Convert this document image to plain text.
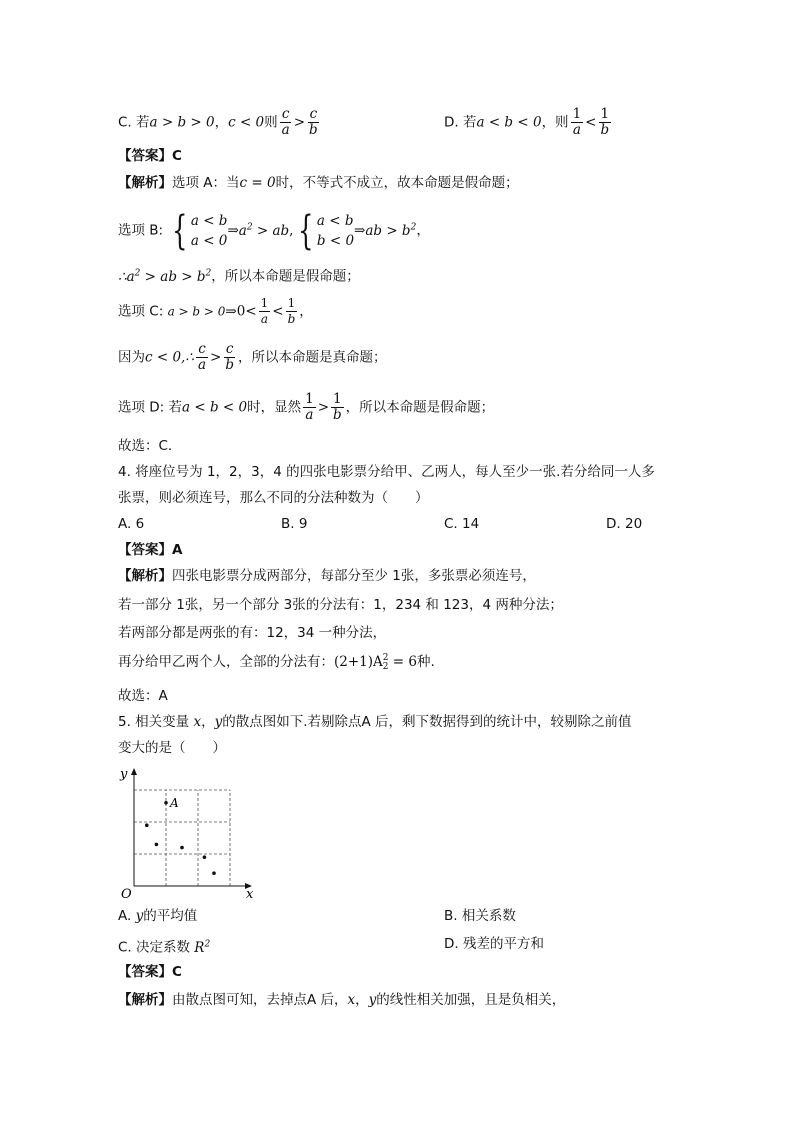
C. 若a > b > 0，c < 0则 $\frac{c}{a} > \frac{c}{b}$	D. 若a < b < 0，则 $\frac{1}{a} < \frac{1}{b}$
【答案】C
【解析】选项 A：当c = 0时，不等式不成立，故本命题是假命题；
选项 B: { a < b
a < 0
$\Rightarrow a^2$ > ab, { a < b
b < 0
⇒ab > $b^2$，
$\therefore a^2$ > ab > $b^2$，所以本命题是假命题；
选项 C: a > b > 0⇒0< $\frac{1}{a} < \frac{1}{b}$ ，
因为c < 0,∴ $\frac{c}{a} > \frac{c}{b}$ ，所以本命题是真命题；
选项 D: 若a < b < 0时，显然 $\frac{1}{a} > \frac{1}{b}$ ，所以本命题是假命题；
故选：C．
4. 将座位号为 1，2，3，4 的四张电影票分给甲、乙两人，每人至少一张.若分给同一人多
张票，则必须连号，那么不同的分法种数为（　　）
A. 6	B. 9	C. 14	D. 20
【答案】A
【解析】四张电影票分成两部分，每部分至少 1张，多张票必须连号，
若一部分 1张，另一个部分 3张的分法有：1，234 和 123，4 两种分法；
若两部分都是两张的有：12，34 一种分法，
再分给甲乙两个人，全部的分法有：(2+1)A 2
2 = 6种.
故选：A
5. 相关变量 x，y的散点图如下.若剔除点A 后，剩下数据得到的统计中，较剔除之前值
变大的是（　　）
y
x
O
A
A. y的平均值	B. 相关系数
C. 决定系数 $R^2$	D. 残差的平方和
【答案】C
【解析】由散点图可知，去掉点A 后，x，y的线性相关加强，且是负相关，
